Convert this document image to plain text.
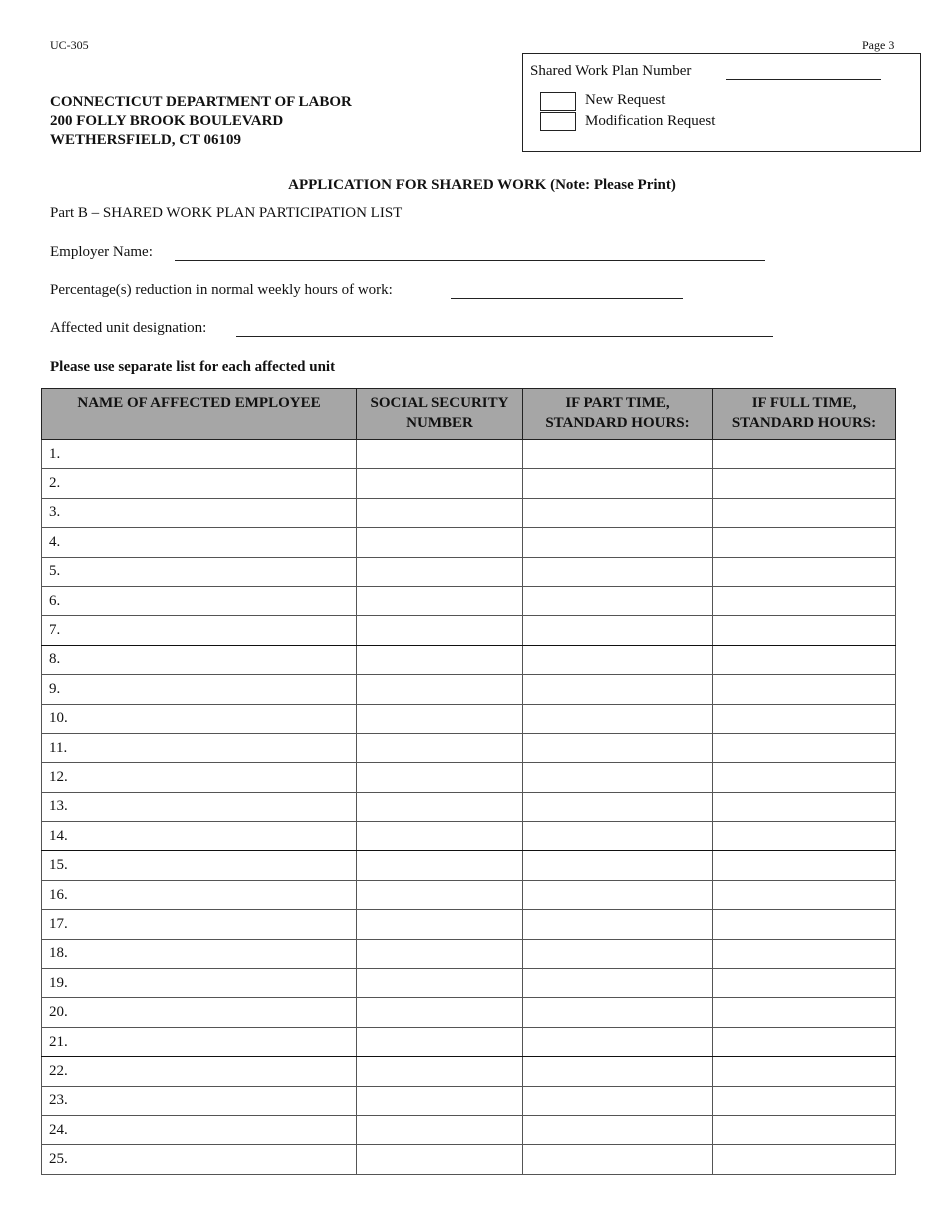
UC-305	Page 3
Shared Work Plan Number
New Request
Modification Request
CONNECTICUT DEPARTMENT OF LABOR
200 FOLLY BROOK BOULEVARD
WETHERSFIELD, CT 06109
APPLICATION FOR SHARED WORK (Note: Please Print)
Part B – SHARED WORK PLAN PARTICIPATION LIST
Employer Name:
Percentage(s) reduction in normal weekly hours of work:
Affected unit designation:
Please use separate list for each affected unit
NAME OF AFFECTED EMPLOYEE	SOCIAL SECURITY NUMBER	IF PART TIME, STANDARD HOURS:	IF FULL TIME, STANDARD HOURS:
1.			
2.			
3.			
4.			
5.			
6.			
7.			
8.			
9.			
10.			
11.			
12.			
13.			
14.			
15.			
16.			
17.			
18.			
19.			
20.			
21.			
22.			
23.			
24.			
25.			
